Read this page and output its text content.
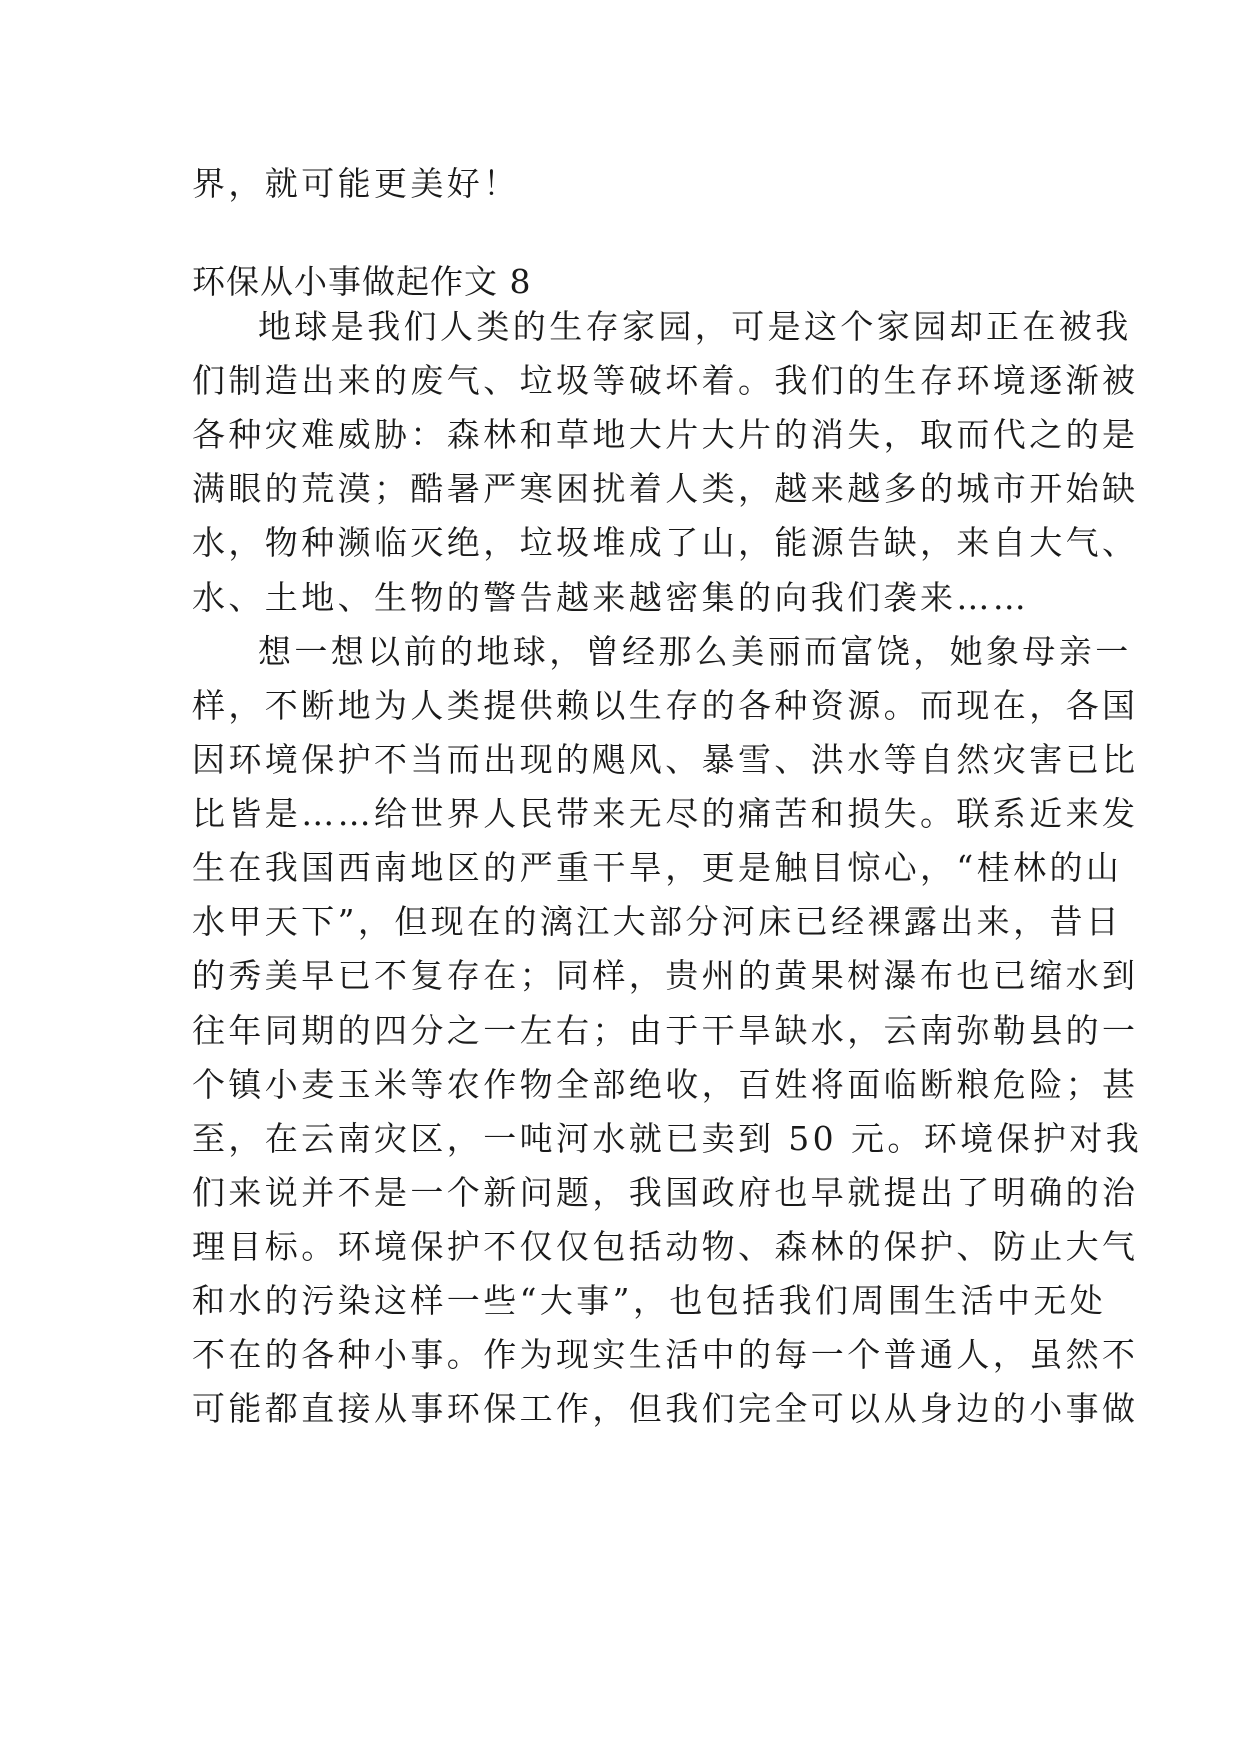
界，就可能更美好！
环保从小事做起作文 8
地球是我们人类的生存家园，可是这个家园却正在被我
们制造出来的废气、垃圾等破坏着。我们的生存环境逐渐被
各种灾难威胁：森林和草地大片大片的消失，取而代之的是
满眼的荒漠；酷暑严寒困扰着人类，越来越多的城市开始缺
水，物种濒临灭绝，垃圾堆成了山，能源告缺，来自大气、
水、土地、生物的警告越来越密集的向我们袭来……
想一想以前的地球，曾经那么美丽而富饶，她象母亲一
样，不断地为人类提供赖以生存的各种资源。而现在，各国
因环境保护不当而出现的飓风、暴雪、洪水等自然灾害已比
比皆是……给世界人民带来无尽的痛苦和损失。联系近来发
生在我国西南地区的严重干旱，更是触目惊心，“桂林的山
水甲天下”，但现在的漓江大部分河床已经裸露出来，昔日
的秀美早已不复存在；同样，贵州的黄果树瀑布也已缩水到
往年同期的四分之一左右；由于干旱缺水，云南弥勒县的一
个镇小麦玉米等农作物全部绝收，百姓将面临断粮危险；甚
至，在云南灾区，一吨河水就已卖到 50 元。环境保护对我
们来说并不是一个新问题，我国政府也早就提出了明确的治
理目标。环境保护不仅仅包括动物、森林的保护、防止大气
和水的污染这样一些“大事”，也包括我们周围生活中无处
不在的各种小事。作为现实生活中的每一个普通人，虽然不
可能都直接从事环保工作，但我们完全可以从身边的小事做
